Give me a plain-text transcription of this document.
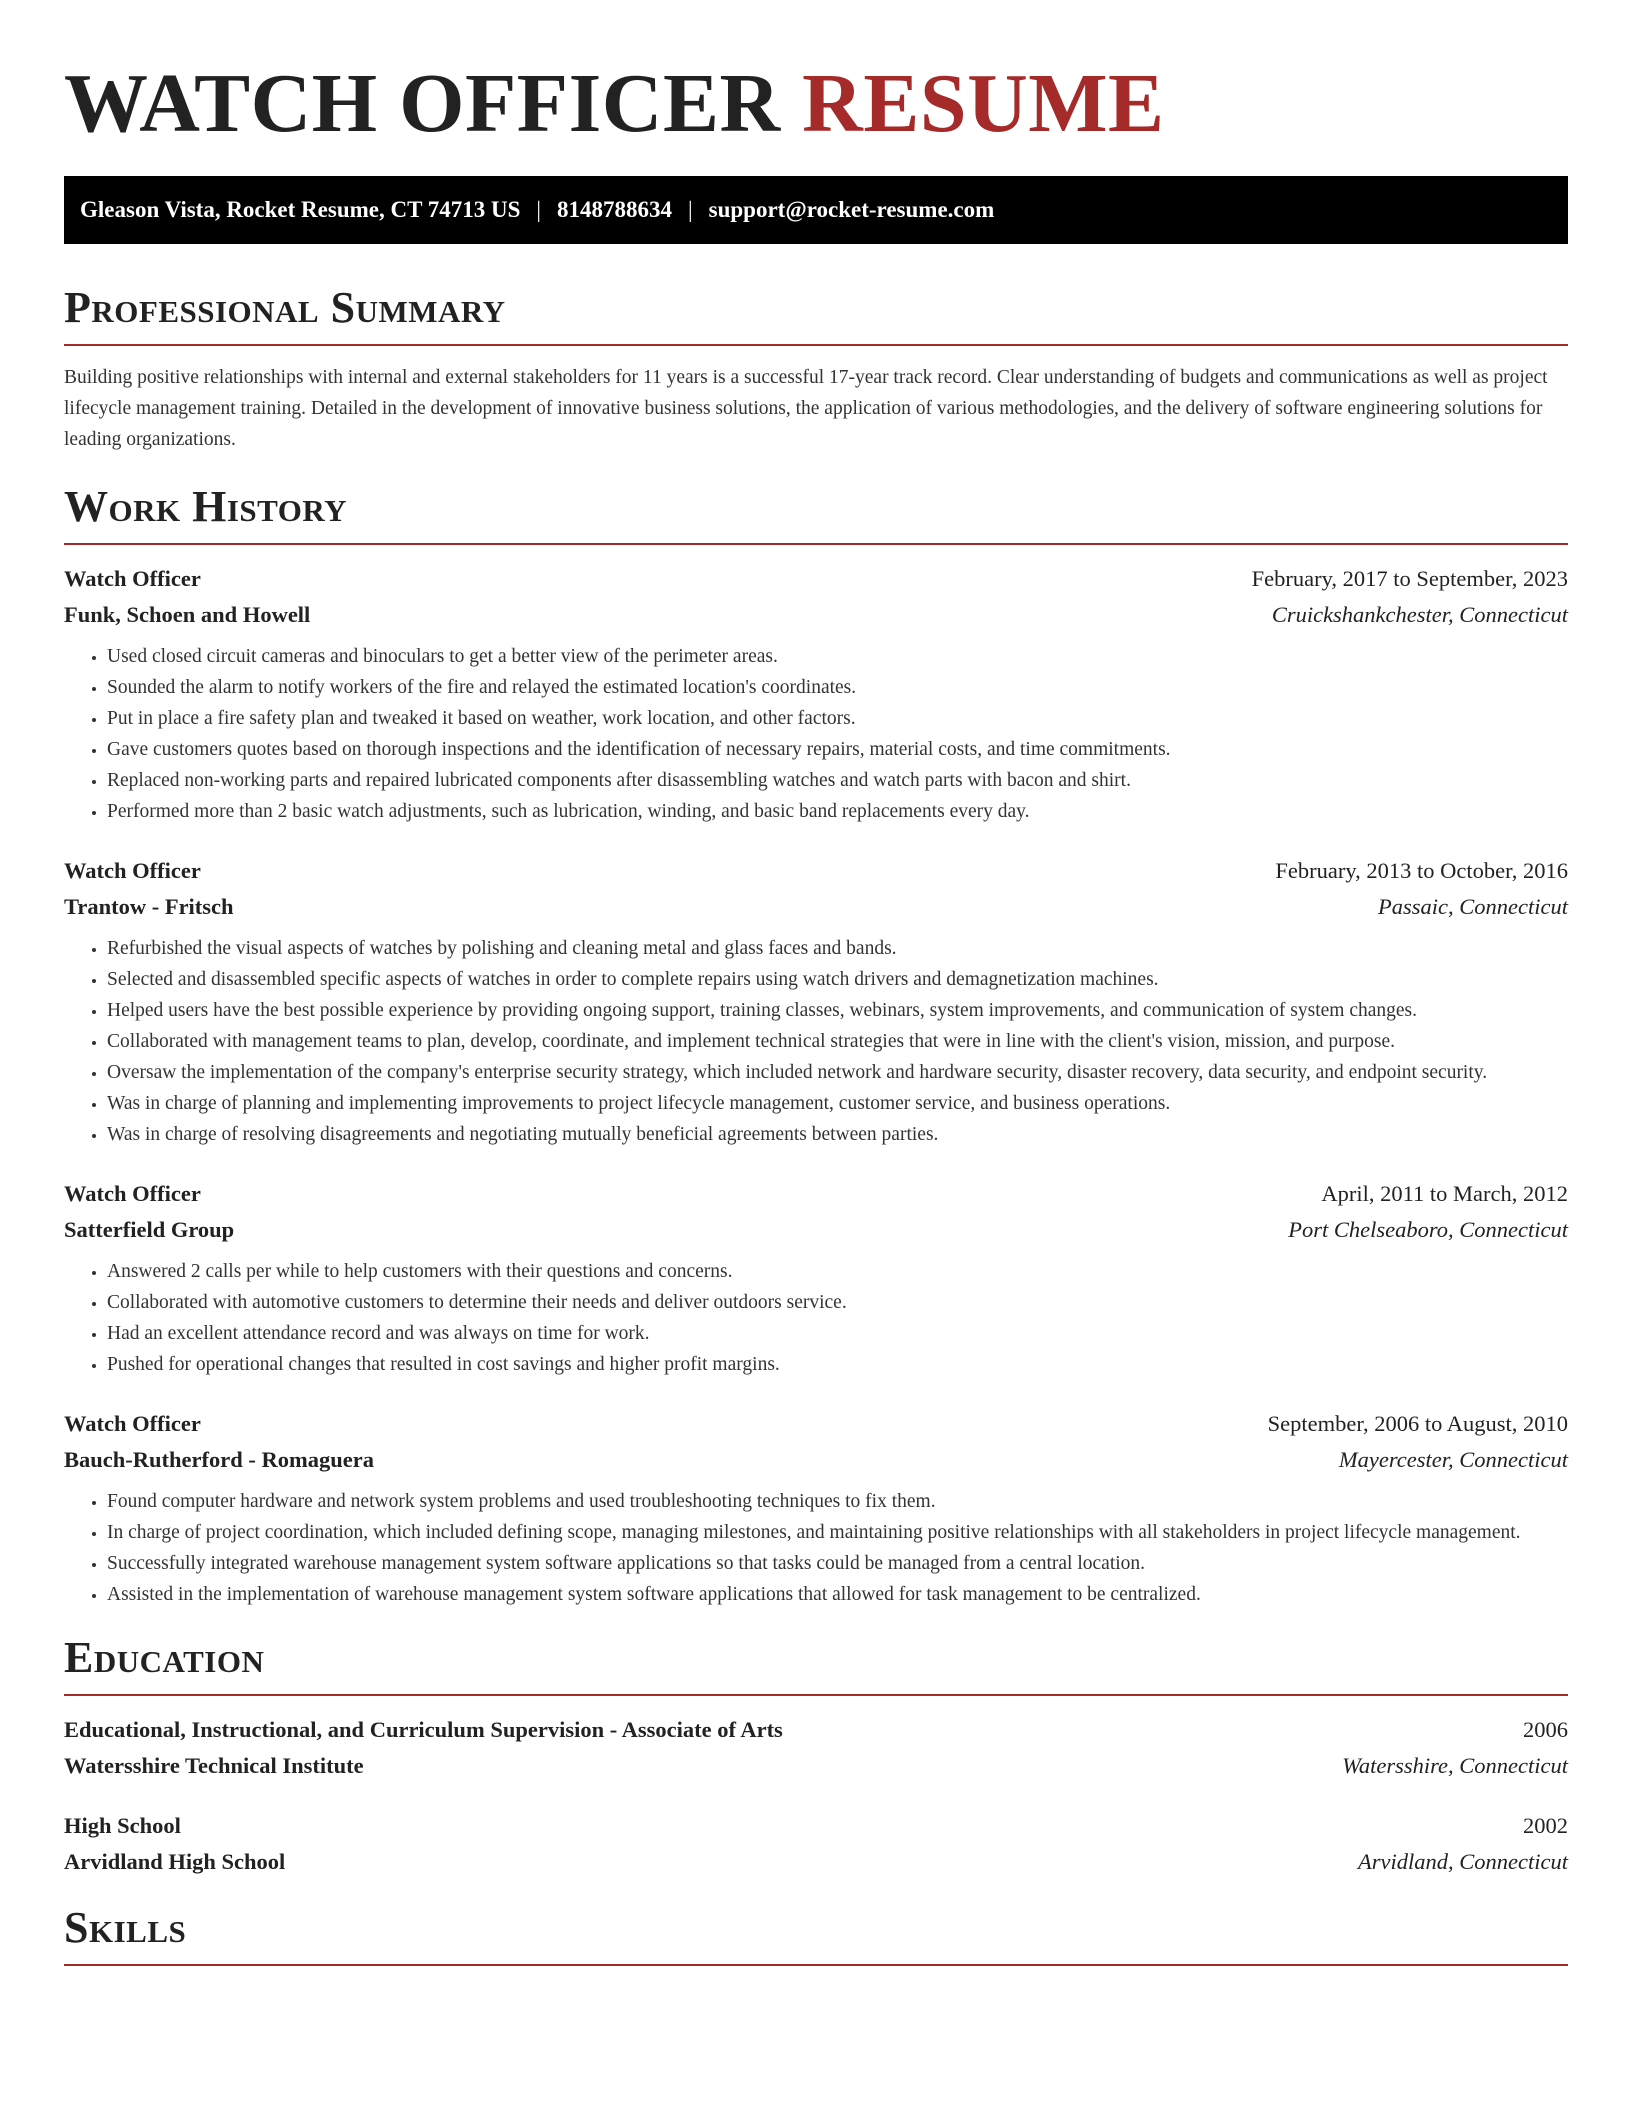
WATCH OFFICER RESUME
Gleason Vista, Rocket Resume, CT 74713 US | 8148788634 | support@rocket-resume.com
Professional Summary

Building positive relationships with internal and external stakeholders for 11 years is a successful 17-year track record. Clear understanding of budgets and communications as well as project lifecycle management training. Detailed in the development of innovative business solutions, the application of various methodologies, and the delivery of software engineering solutions for leading organizations.

Work History
Watch Officer	February, 2017 to September, 2023
Funk, Schoen and Howell	Cruickshankchester, Connecticut
• Used closed circuit cameras and binoculars to get a better view of the perimeter areas.
• Sounded the alarm to notify workers of the fire and relayed the estimated location's coordinates.
• Put in place a fire safety plan and tweaked it based on weather, work location, and other factors.
• Gave customers quotes based on thorough inspections and the identification of necessary repairs, material costs, and time commitments.
• Replaced non-working parts and repaired lubricated components after disassembling watches and watch parts with bacon and shirt.
• Performed more than 2 basic watch adjustments, such as lubrication, winding, and basic band replacements every day.
Watch Officer	February, 2013 to October, 2016
Trantow - Fritsch	Passaic, Connecticut
• Refurbished the visual aspects of watches by polishing and cleaning metal and glass faces and bands.
• Selected and disassembled specific aspects of watches in order to complete repairs using watch drivers and demagnetization machines.
• Helped users have the best possible experience by providing ongoing support, training classes, webinars, system improvements, and communication of system changes.
• Collaborated with management teams to plan, develop, coordinate, and implement technical strategies that were in line with the client's vision, mission, and purpose.
• Oversaw the implementation of the company's enterprise security strategy, which included network and hardware security, disaster recovery, data security, and endpoint security.
• Was in charge of planning and implementing improvements to project lifecycle management, customer service, and business operations.
• Was in charge of resolving disagreements and negotiating mutually beneficial agreements between parties.
Watch Officer	April, 2011 to March, 2012
Satterfield Group	Port Chelseaboro, Connecticut
• Answered 2 calls per while to help customers with their questions and concerns.
• Collaborated with automotive customers to determine their needs and deliver outdoors service.
• Had an excellent attendance record and was always on time for work.
• Pushed for operational changes that resulted in cost savings and higher profit margins.
Watch Officer	September, 2006 to August, 2010
Bauch-Rutherford - Romaguera	Mayercester, Connecticut
• Found computer hardware and network system problems and used troubleshooting techniques to fix them.
• In charge of project coordination, which included defining scope, managing milestones, and maintaining positive relationships with all stakeholders in project lifecycle management.
• Successfully integrated warehouse management system software applications so that tasks could be managed from a central location.
• Assisted in the implementation of warehouse management system software applications that allowed for task management to be centralized.
Education
Educational, Instructional, and Curriculum Supervision - Associate of Arts	2006
Watersshire Technical Institute	Watersshire, Connecticut
High School	2002
Arvidland High School	Arvidland, Connecticut
Skills
